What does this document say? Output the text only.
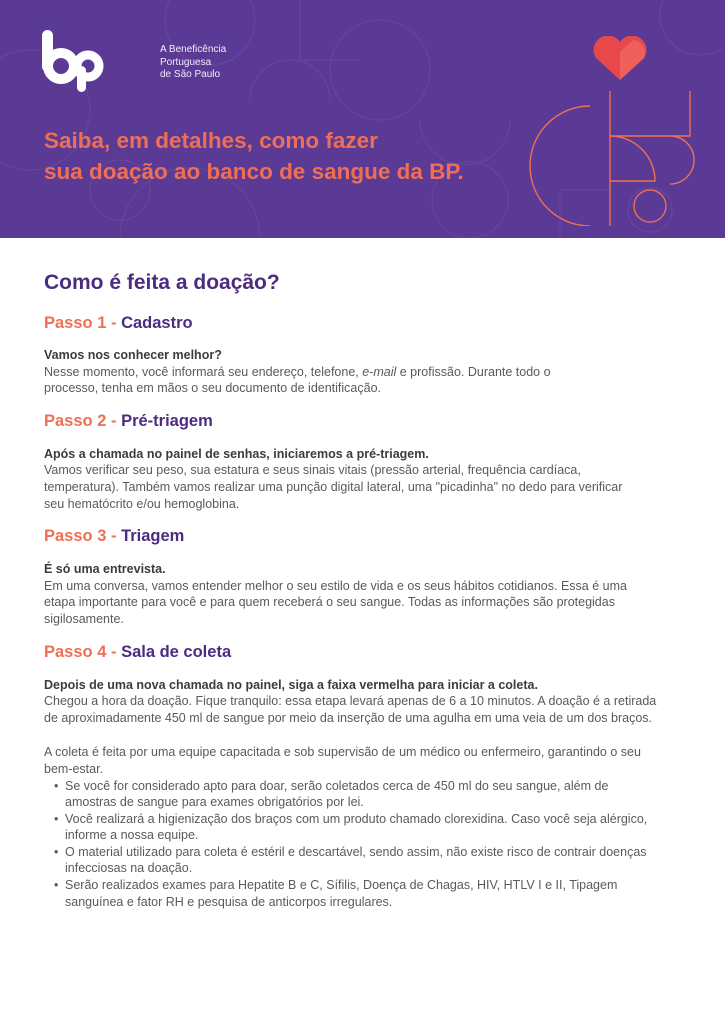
A Beneficência
Portuguesa
de São Paulo
Saiba, em detalhes, como fazer
sua doação ao banco de sangue da BP.
Como é feita a doação?
Passo 1 - Cadastro
Vamos nos conhecer melhor?
Nesse momento, você informará seu endereço, telefone, e-mail e profissão. Durante todo o processo, tenha em mãos o seu documento de identificação.
Passo 2 - Pré-triagem
Após a chamada no painel de senhas, iniciaremos a pré-triagem.
Vamos verificar seu peso, sua estatura e seus sinais vitais (pressão arterial, frequência cardíaca, temperatura). Também vamos realizar uma punção digital lateral, uma "picadinha" no dedo para verificar seu hematócrito e/ou hemoglobina.
Passo 3 - Triagem
É só uma entrevista.
Em uma conversa, vamos entender melhor o seu estilo de vida e os seus hábitos cotidianos. Essa é uma etapa importante para você e para quem receberá o seu sangue. Todas as informações são protegidas sigilosamente.
Passo 4 - Sala de coleta
Depois de uma nova chamada no painel, siga a faixa vermelha para iniciar a coleta.
Chegou a hora da doação. Fique tranquilo: essa etapa levará apenas de 6 a 10 minutos. A doação é a retirada de aproximadamente 450 ml de sangue por meio da inserção de uma agulha em uma veia de um dos braços.
A coleta é feita por uma equipe capacitada e sob supervisão de um médico ou enfermeiro, garantindo o seu bem-estar.
• Se você for considerado apto para doar, serão coletados cerca de 450 ml do seu sangue, além de amostras de sangue para exames obrigatórios por lei.
• Você realizará a higienização dos braços com um produto chamado clorexidina. Caso você seja alérgico, informe a nossa equipe.
• O material utilizado para coleta é estéril e descartável, sendo assim, não existe risco de contrair doenças infecciosas na doação.
• Serão realizados exames para Hepatite B e C, Sífilis, Doença de Chagas, HIV, HTLV I e II, Tipagem sanguínea e fator RH e pesquisa de anticorpos irregulares.
